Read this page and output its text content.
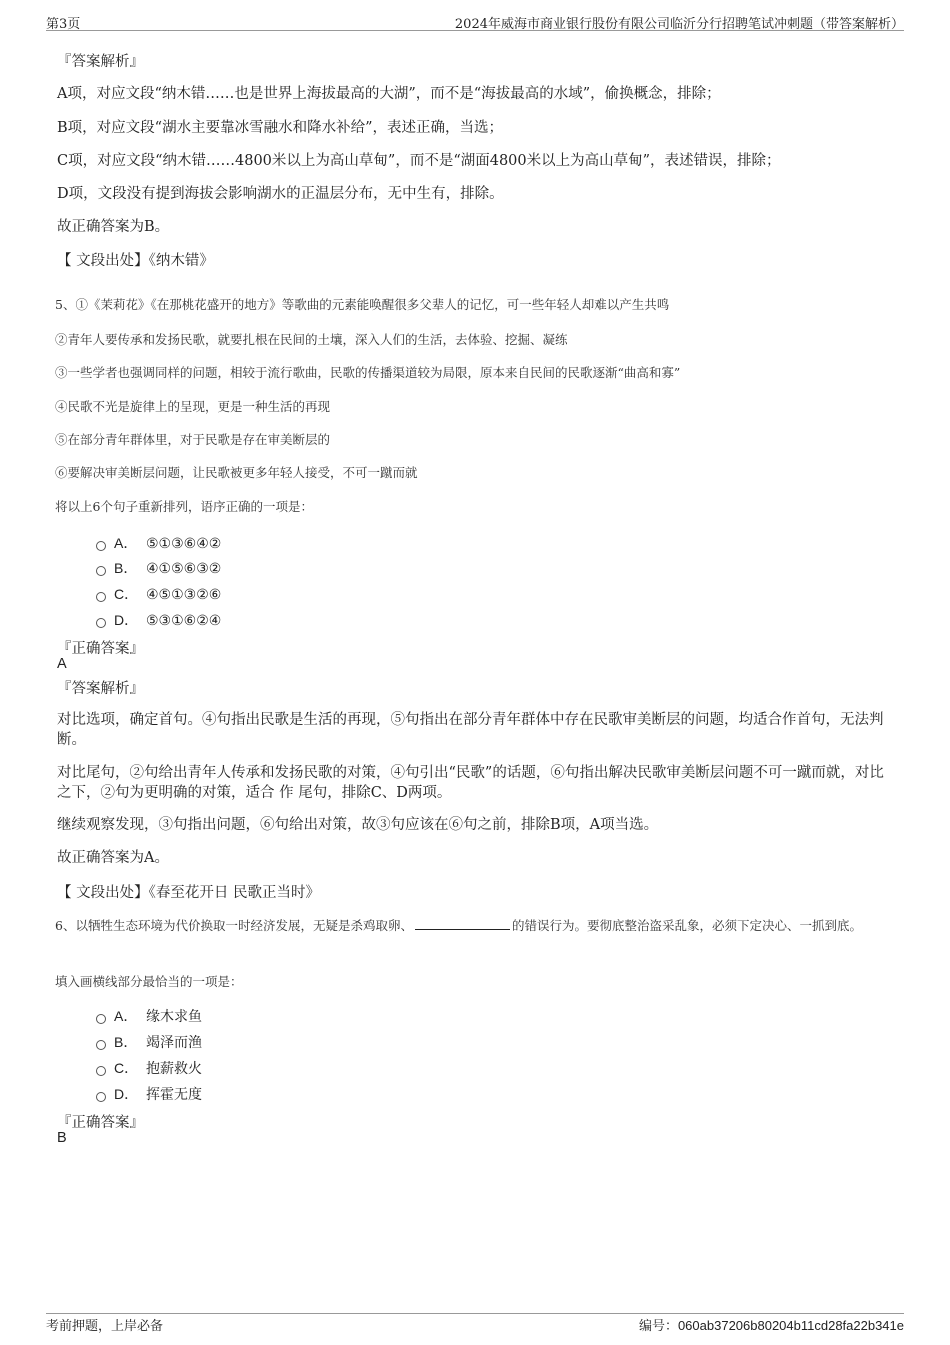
第3页	2024年威海市商业银行股份有限公司临沂分行招聘笔试冲刺题（带答案解析）
『答案解析』
A项，对应文段“纳木错……也是世界上海拔最高的大湖”，而不是“海拔最高的水域”，偷换概念，排除；
B项，对应文段“湖水主要靠冰雪融水和降水补给”，表述正确，当选；
C项，对应文段“纳木错……4800米以上为高山草甸”，而不是“湖面4800米以上为高山草甸”，表述错误，排除；
D项，文段没有提到海拔会影响湖水的正温层分布，无中生有，排除。
故正确答案为B。
【 文段出处】《纳木错》
5、①《茉莉花》《在那桃花盛开的地方》等歌曲的元素能唤醒很多父辈人的记忆，可一些年轻人却难以产生共鸣
②青年人要传承和发扬民歌，就要扎根在民间的土壤，深入人们的生活，去体验、挖掘、凝练
③一些学者也强调同样的问题，相较于流行歌曲，民歌的传播渠道较为局限，原本来自民间的民歌逐渐“曲高和寡”
④民歌不光是旋律上的呈现，更是一种生活的再现
⑤在部分青年群体里，对于民歌是存在审美断层的
⑥要解决审美断层问题，让民歌被更多年轻人接受，不可一蹴而就
将以上6个句子重新排列，语序正确的一项是：
A． ⑤①③⑥④②
B． ④①⑤⑥③②
C． ④⑤①③②⑥
D． ⑤③①⑥②④
『正确答案』
A
『答案解析』
对比选项，确定首句。④句指出民歌是生活的再现，⑤句指出在部分青年群体中存在民歌审美断层的问题，均适合作首句，无法判断。
对比尾句，②句给出青年人传承和发扬民歌的对策，④句引出“民歌”的话题，⑥句指出解决民歌审美断层问题不可一蹴而就，对比之下，②句为更明确的对策，适合 作 尾句，排除C、D两项。
继续观察发现，③句指出问题，⑥句给出对策，故③句应该在⑥句之前，排除B项，A项当选。
故正确答案为A。
【 文段出处】《春至花开日 民歌正当时》
6、以牺牲生态环境为代价换取一时经济发展，无疑是杀鸡取卵、	的错误行为。要彻底整治盗采乱象，必须下定决心、一抓到底。
填入画横线部分最恰当的一项是：
A． 缘木求鱼
B． 竭泽而渔
C． 抱薪救火
D． 挥霍无度
『正确答案』
B
考前押题，上岸必备	编号：060ab37206b80204b11cd28fa22b341e
